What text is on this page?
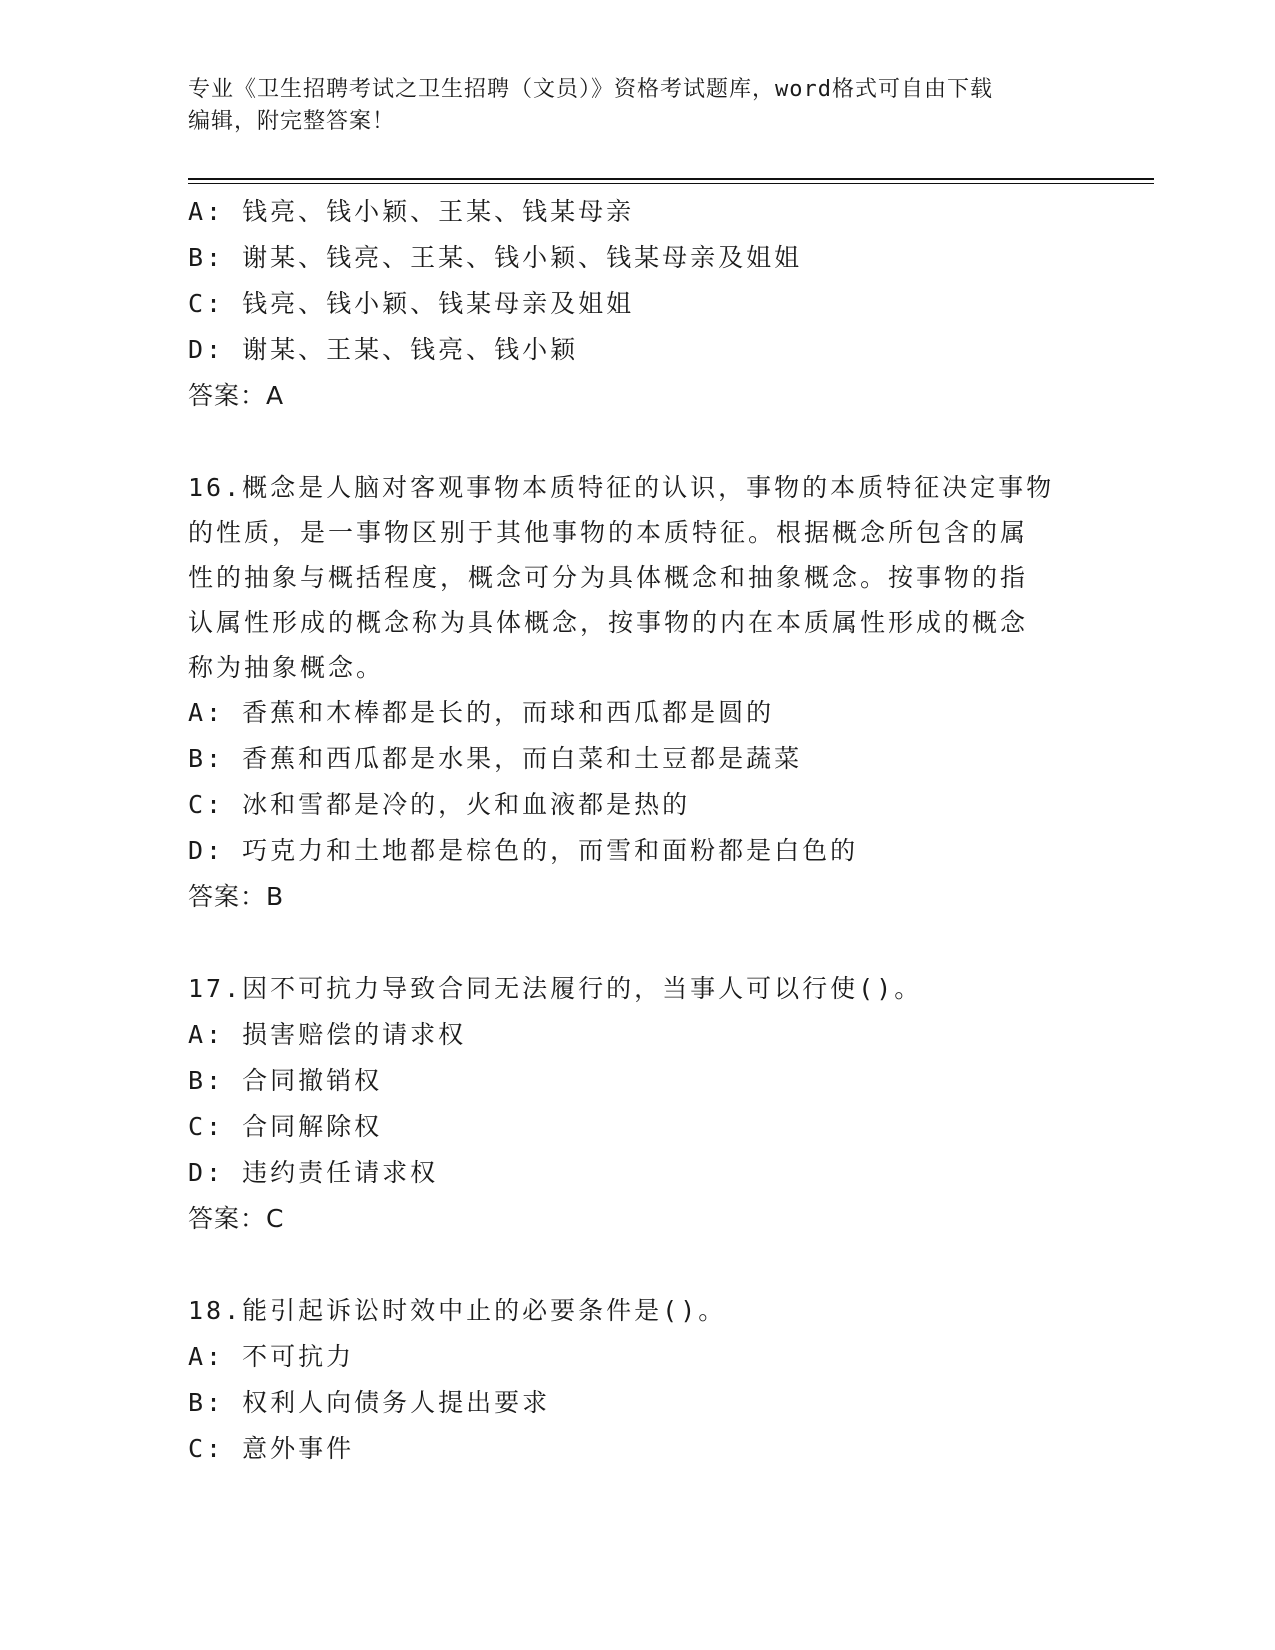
专业《卫生招聘考试之卫生招聘（文员）》资格考试题库，word格式可自由下载
编辑，附完整答案！
A: 钱亮、钱小颖、王某、钱某母亲
B: 谢某、钱亮、王某、钱小颖、钱某母亲及姐姐
C: 钱亮、钱小颖、钱某母亲及姐姐
D: 谢某、王某、钱亮、钱小颖
答案：A
16.概念是人脑对客观事物本质特征的认识，事物的本质特征决定事物
的性质，是一事物区别于其他事物的本质特征。根据概念所包含的属
性的抽象与概括程度，概念可分为具体概念和抽象概念。按事物的指
认属性形成的概念称为具体概念，按事物的内在本质属性形成的概念
称为抽象概念。
A: 香蕉和木棒都是长的，而球和西瓜都是圆的
B: 香蕉和西瓜都是水果，而白菜和土豆都是蔬菜
C: 冰和雪都是冷的，火和血液都是热的
D: 巧克力和土地都是棕色的，而雪和面粉都是白色的
答案：B
17.因不可抗力导致合同无法履行的，当事人可以行使()。
A: 损害赔偿的请求权
B: 合同撤销权
C: 合同解除权
D: 违约责任请求权
答案：C
18.能引起诉讼时效中止的必要条件是()。
A: 不可抗力
B: 权利人向债务人提出要求
C: 意外事件
